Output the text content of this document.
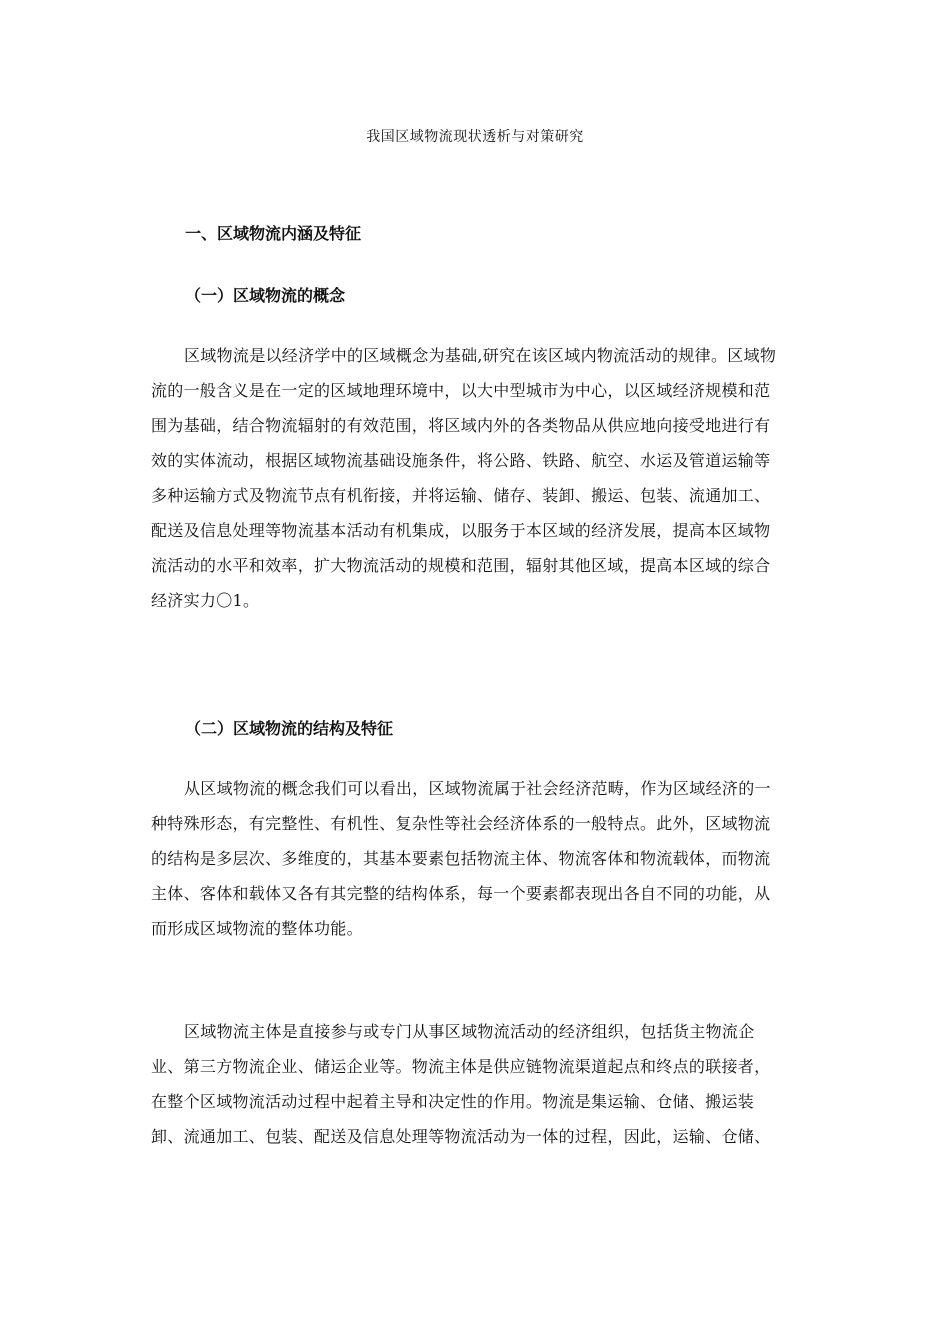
我国区域物流现状透析与对策研究
一、区域物流内涵及特征
（一）区域物流的概念
区域物流是以经济学中的区域概念为基础,研究在该区域内物流活动的规律。区域物
流的一般含义是在一定的区域地理环境中，以大中型城市为中心，以区域经济规模和范
围为基础，结合物流辐射的有效范围，将区域内外的各类物品从供应地向接受地进行有
效的实体流动，根据区域物流基础设施条件，将公路、铁路、航空、水运及管道运输等
多种运输方式及物流节点有机衔接，并将运输、储存、装卸、搬运、包装、流通加工、
配送及信息处理等物流基本活动有机集成，以服务于本区域的经济发展，提高本区域物
流活动的水平和效率，扩大物流活动的规模和范围，辐射其他区域，提高本区域的综合
经济实力〇1。
（二）区域物流的结构及特征
从区域物流的概念我们可以看出，区域物流属于社会经济范畴，作为区域经济的一
种特殊形态，有完整性、有机性、复杂性等社会经济体系的一般特点。此外，区域物流
的结构是多层次、多维度的，其基本要素包括物流主体、物流客体和物流载体，而物流
主体、客体和载体又各有其完整的结构体系，每一个要素都表现出各自不同的功能，从
而形成区域物流的整体功能。
区域物流主体是直接参与或专门从事区域物流活动的经济组织，包括货主物流企
业、第三方物流企业、储运企业等。物流主体是供应链物流渠道起点和终点的联接者，
在整个区域物流活动过程中起着主导和决定性的作用。物流是集运输、仓储、搬运装
卸、流通加工、包装、配送及信息处理等物流活动为一体的过程，因此，运输、仓储、
